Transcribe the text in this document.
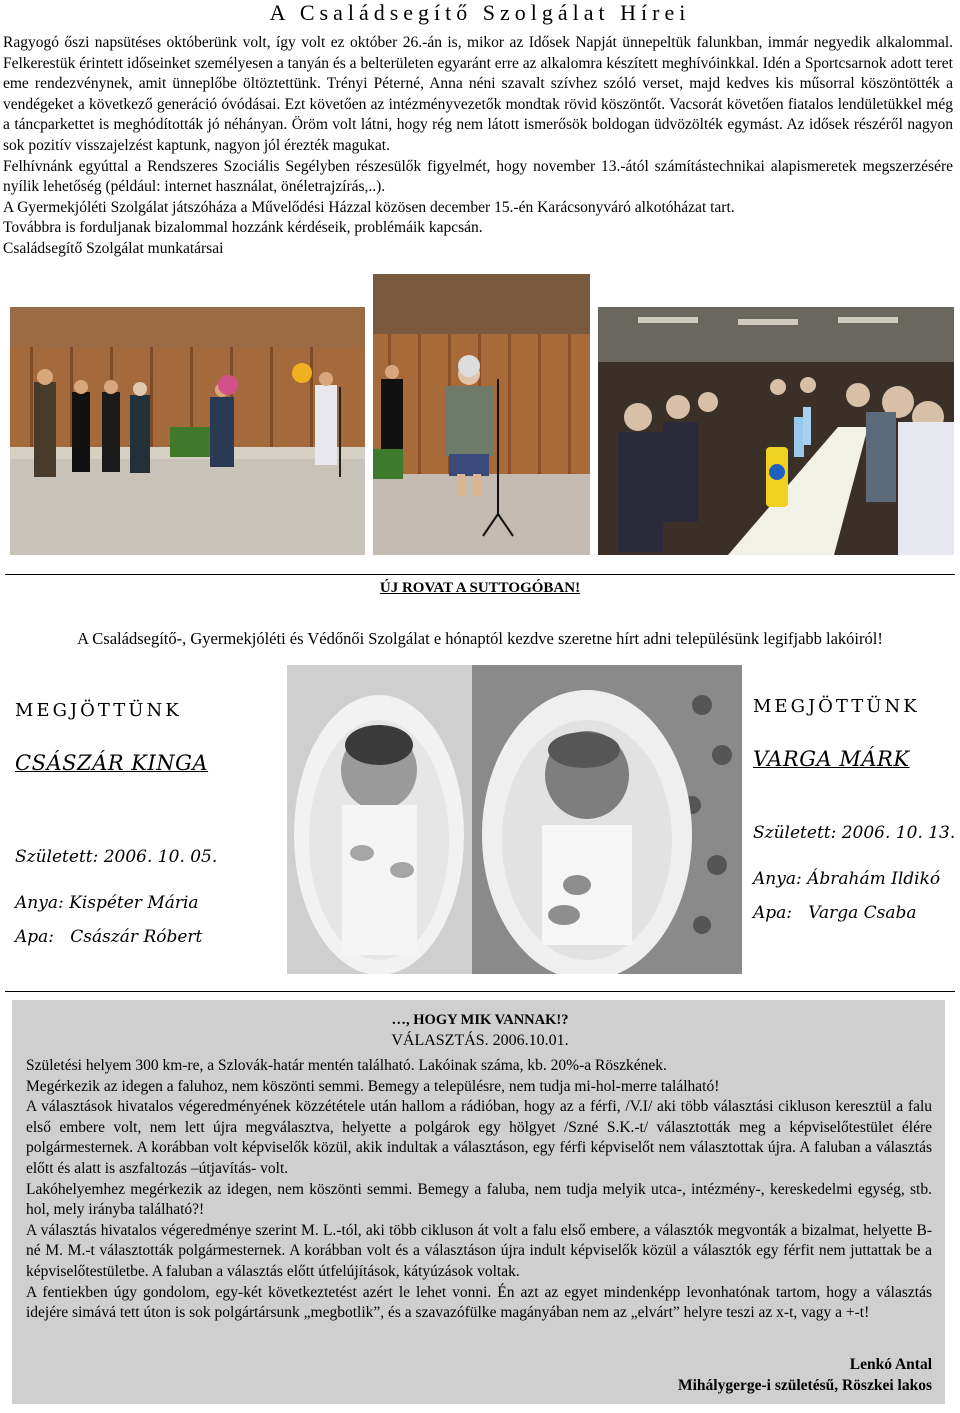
A Családsegítő Szolgálat Hírei

Ragyogó őszi napsütéses októberünk volt, így volt ez október 26.-án is, mikor az Idősek Napját ünnepeltük falunkban, immár negyedik alkalommal. Felkerestük érintett időseinket személyesen a tanyán és a belterületen egyaránt erre az alkalomra készített meghívóinkkal. Idén a Sportcsarnok adott teret eme rendezvénynek, amit ünneplőbe öltöztettünk. Trényi Péterné, Anna néni szavalt szívhez szóló verset, majd kedves kis műsorral köszöntötték a vendégeket a következő generáció óvódásai. Ezt követően az intézményvezetők mondtak rövid köszöntőt. Vacsorát követően fiatalos lendületükkel még a táncparkettet is meghódították jó néhányan. Öröm volt látni, hogy rég nem látott ismerősök boldogan üdvözölték egymást. Az idősek részéről nagyon sok pozitív visszajelzést kaptunk, nagyon jól érezték magukat.

Felhívnánk egyúttal a Rendszeres Szociális Segélyben részesülők figyelmét, hogy november 13.-ától számítástechnikai alapismeretek megszerzésére nyílik lehetőség (például: internet használat, önéletrajzírás,..).

A Gyermekjóléti Szolgálat játszóháza a Művelődési Házzal közösen december 15.-én Karácsonyváró alkotóházat tart.

Továbbra is forduljanak bizalommal hozzánk kérdéseik, problémáik kapcsán.

Családsegítő Szolgálat munkatársai

ÚJ ROVAT A SUTTOGÓBAN!
A Családsegítő-, Gyermekjóléti és Védőnői Szolgálat e hónaptól kezdve szeretne hírt adni településünk legifjabb lakóiról!
MEGJÖTTÜNK
CSÁSZÁR KINGA
Született: 2006. 10. 05.
Anya: Kispéter Mária
Apa:   Császár Róbert
MEGJÖTTÜNK
VARGA MÁRK
Született: 2006. 10. 13.
Anya: Ábrahám Ildikó
Apa:   Varga Csaba
…, HOGY MIK VANNAK!?
VÁLASZTÁS. 2006.10.01.

Születési helyem 300 km-re, a Szlovák-határ mentén található. Lakóinak száma, kb. 20%-a Röszkének.

Megérkezik az idegen a faluhoz, nem köszönti semmi. Bemegy a településre, nem tudja mi-hol-merre található!

A választások hivatalos végeredményének közzététele után hallom a rádióban, hogy az a férfi, /V.I/ aki több választási cikluson keresztül a falu első embere volt, nem lett újra megválasztva, helyette a polgárok egy hölgyet /Szné S.K.-t/ választották meg a képviselőtestület élére polgármesternek. A korábban volt képviselők közül, akik indultak a választáson, egy férfi képviselőt nem választottak újra. A faluban a választás előtt és alatt is aszfaltozás –útjavítás- volt.

Lakóhelyemhez megérkezik az idegen, nem köszönti semmi. Bemegy a faluba, nem tudja melyik utca-, intézmény-, kereskedelmi egység, stb. hol, mely irányba található?!

A választás hivatalos végeredménye szerint M. L.-tól, aki több cikluson át volt a falu első embere, a választók megvonták a bizalmat, helyette B-né M. M.-t választották polgármesternek. A korábban volt és a választáson újra indult képviselők közül a választók egy férfit nem juttattak be a képviselőtestületbe. A faluban a választás előtt útfelújítások, kátyúzások voltak.

A fentiekben úgy gondolom, egy-két következtetést azért le lehet vonni. Én azt az egyet mindenképp levonhatónak tartom, hogy a választás idejére simává tett úton is sok polgártársunk „megbotlik”, és a szavazófülke magányában nem az „elvárt” helyre teszi az x-t, vagy a +-t!

Lenkó Antal
Mihálygerge-i születésű, Röszkei lakos
